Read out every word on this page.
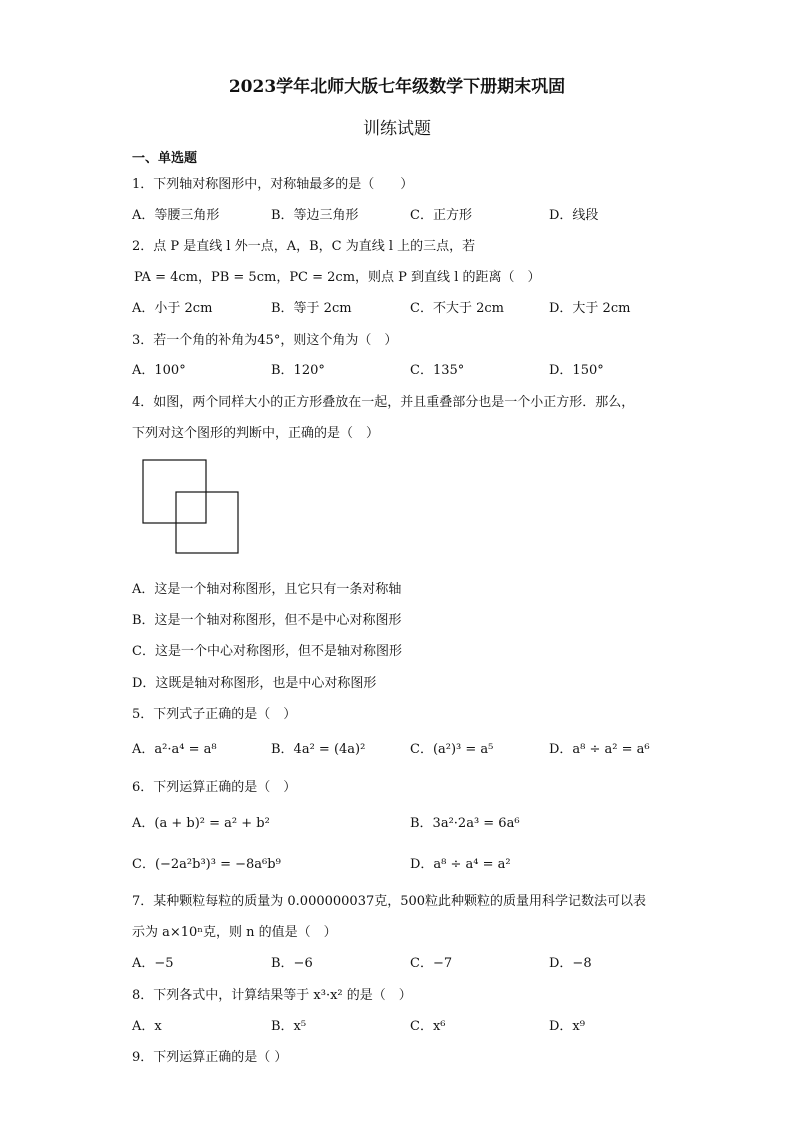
2023学年北师大版七年级数学下册期末巩固
训练试题
一、单选题
1．下列轴对称图形中，对称轴最多的是（　　）
A．等腰三角形	B．等边三角形	C．正方形	D．线段
2．点 P 是直线 l 外一点，A，B，C 为直线 l 上的三点，若
PA = 4cm，PB = 5cm，PC = 2cm，则点 P 到直线 l 的距离（　）
A．小于 2cm	B．等于 2cm	C．不大于 2cm	D．大于 2cm
3．若一个角的补角为45°，则这个角为（　）
A．100°	B．120°	C．135°	D．150°
4．如图，两个同样大小的正方形叠放在一起，并且重叠部分也是一个小正方形．那么，
下列对这个图形的判断中，正确的是（　）
A．这是一个轴对称图形，且它只有一条对称轴
B．这是一个轴对称图形，但不是中心对称图形
C．这是一个中心对称图形，但不是轴对称图形
D．这既是轴对称图形，也是中心对称图形
5．下列式子正确的是（　）
A．a²·a⁴ = a⁸	B．4a² = (4a)²	C．(a²)³ = a⁵	D．a⁸ ÷ a² = a⁶
6．下列运算正确的是（　）
A．(a + b)² = a² + b²	B．3a²·2a³ = 6a⁶
C．(−2a²b³)³ = −8a⁶b⁹	D．a⁸ ÷ a⁴ = a²
7．某种颗粒每粒的质量为 0.000000037克，500粒此种颗粒的质量用科学记数法可以表
示为 a×10ⁿ克，则 n 的值是（　）
A．−5	B．−6	C．−7	D．−8
8．下列各式中，计算结果等于 x³·x² 的是（　）
A．x	B．x⁵	C．x⁶	D．x⁹
9．下列运算正确的是（ ）
